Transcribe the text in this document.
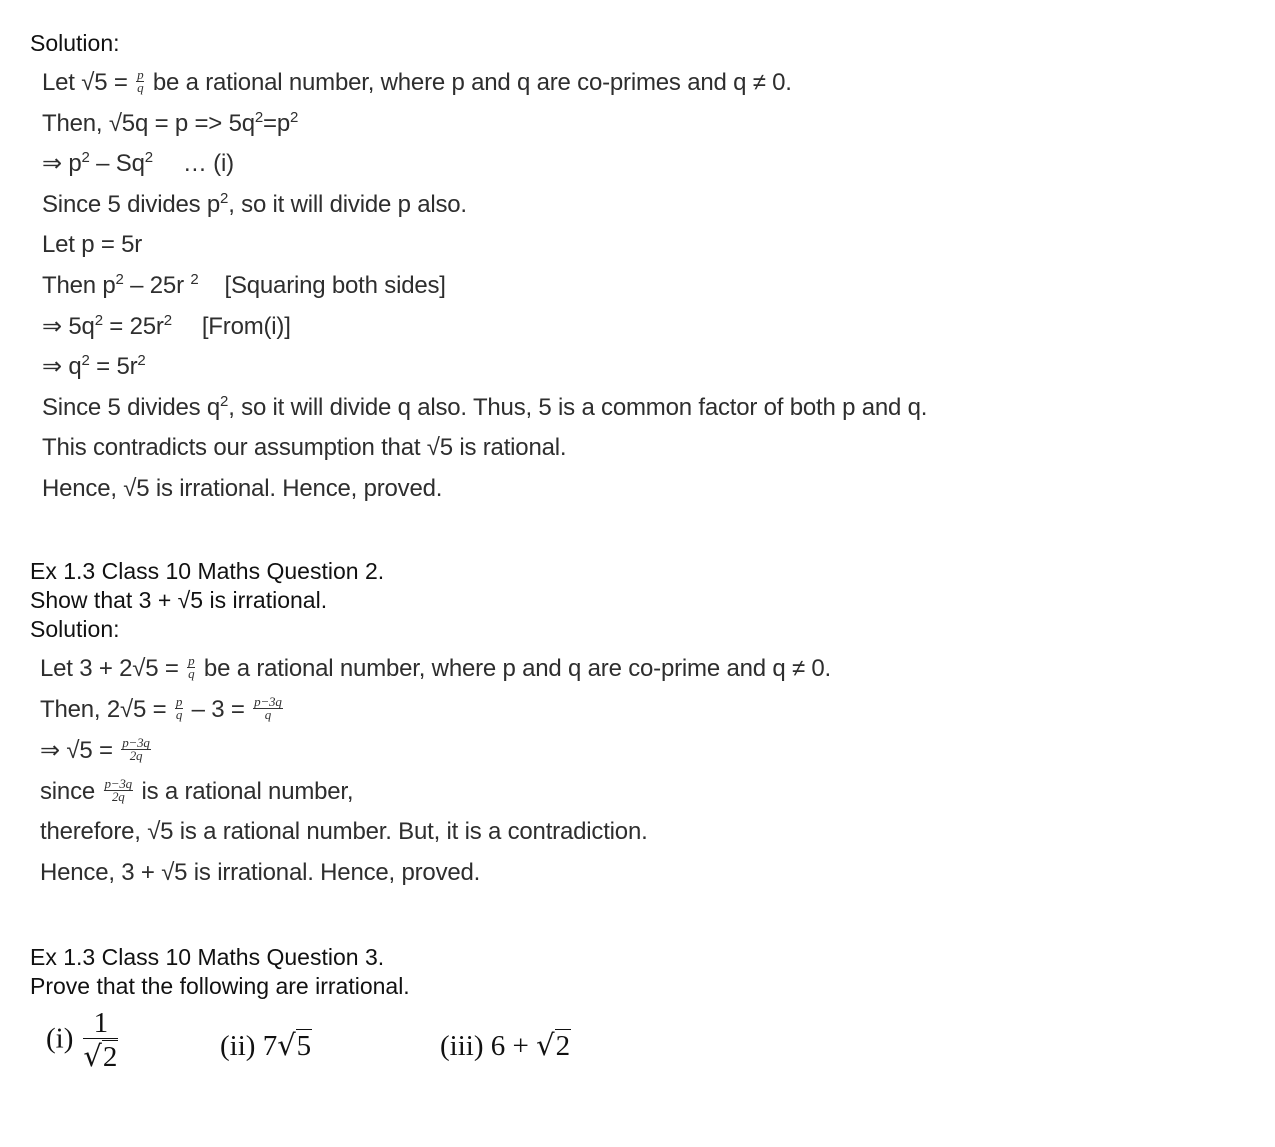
Solution:
Let $√5 = \frac{p}{q}$ be a rational number, where p and q are co-primes and q ≠ 0.
Then, $√5q = p => 5q^2=p^2$
⇒ $p^2 - Sq^2$ … (i)
Since 5 divides $p^2$, so it will divide p also.
Let p = 5r
Then $p^2 - 25r$ $^2$ [Squaring both sides]
⇒ $5q^2 = 25r^2$ [From(i)]
⇒ $q^2 = 5r^2$
Since 5 divides $q^2$, so it will divide q also. Thus, 5 is a common factor of both p and q.
This contradicts our assumption that √5 is rational.
Hence, √5 is irrational. Hence, proved.
Ex 1.3 Class 10 Maths Question 2.
Show that 3 + √5 is irrational.
Solution:
Let $3 + 2√5 = \frac{p}{q}$ be a rational number, where p and q are co-prime and q ≠ 0.
Then, $2√5 = \frac{p}{q} - 3 = \frac{p-3q}{q}$
⇒ $√5 = \frac{p-3q}{2q}$
since $\frac{p-3q}{2q}$ is a rational number,
therefore, √5 is a rational number. But, it is a contradiction.
Hence, 3 + √5 is irrational. Hence, proved.
Ex 1.3 Class 10 Maths Question 3.
Prove that the following are irrational.
$(i) \frac{1}{√2}$	(ii) 7√5	(iii) 6 + √2
